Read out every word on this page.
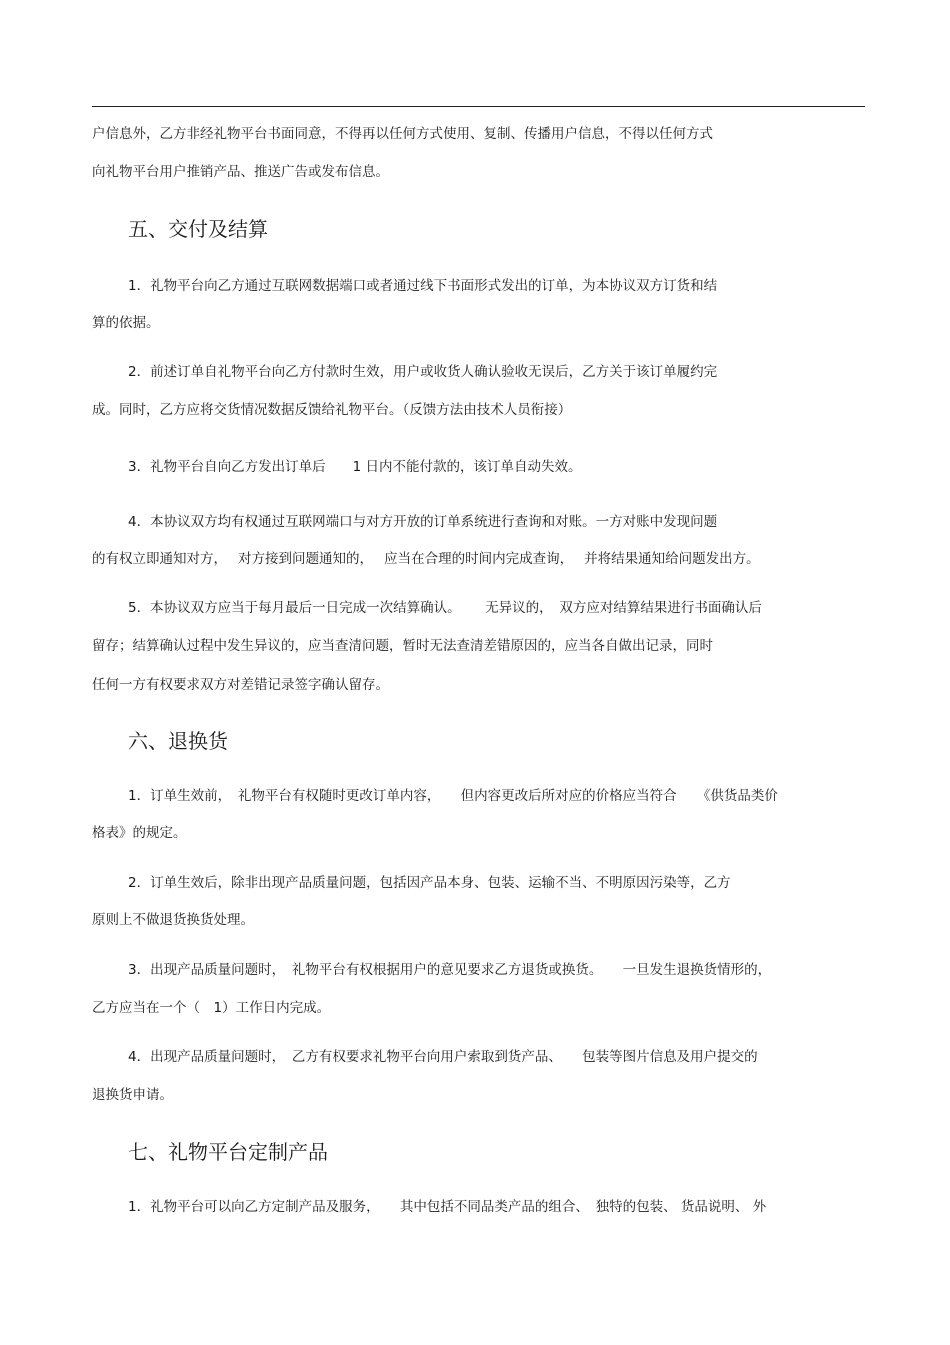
户信息外，乙方非经礼物平台书面同意，不得再以任何方式使用、复制、传播用户信息，不得以任何方式
向礼物平台用户推销产品、推送广告或发布信息。
五、交付及结算
1．礼物平台向乙方通过互联网数据端口或者通过线下书面形式发出的订单，为本协议双方订货和结
算的依据。
2．前述订单自礼物平台向乙方付款时生效，用户或收货人确认验收无误后，乙方关于该订单履约完
成。同时，乙方应将交货情况数据反馈给礼物平台。（反馈方法由技术人员衔接）
3．礼物平台自向乙方发出订单后　　1 日内不能付款的，该订单自动失效。
4．本协议双方均有权通过互联网端口与对方开放的订单系统进行查询和对账。一方对账中发现问题
的有权立即通知对方，　 对方接到问题通知的，　 应当在合理的时间内完成查询，　 并将结果通知给问题发出方。
5．本协议双方应当于每月最后一日完成一次结算确认。　　 无异议的，　双方应对结算结果进行书面确认后
留存；结算确认过程中发生异议的，应当查清问题，暂时无法查清差错原因的，应当各自做出记录，同时
任何一方有权要求双方对差错记录签字确认留存。
六、退换货
1．订单生效前，　礼物平台有权随时更改订单内容，　　但内容更改后所对应的价格应当符合　　《供货品类价
格表》的规定。
2．订单生效后，除非出现产品质量问题，包括因产品本身、包装、运输不当、不明原因污染等，乙方
原则上不做退货换货处理。
3．出现产品质量问题时，　礼物平台有权根据用户的意见要求乙方退货或换货。　　一旦发生退换货情形的，
乙方应当在一个（　1）工作日内完成。
4．出现产品质量问题时，　乙方有权要求礼物平台向用户索取到货产品、　　包装等图片信息及用户提交的
退换货申请。
七、礼物平台定制产品
1．礼物平台可以向乙方定制产品及服务，　　其中包括不同品类产品的组合、　独特的包装、 货品说明、 外
